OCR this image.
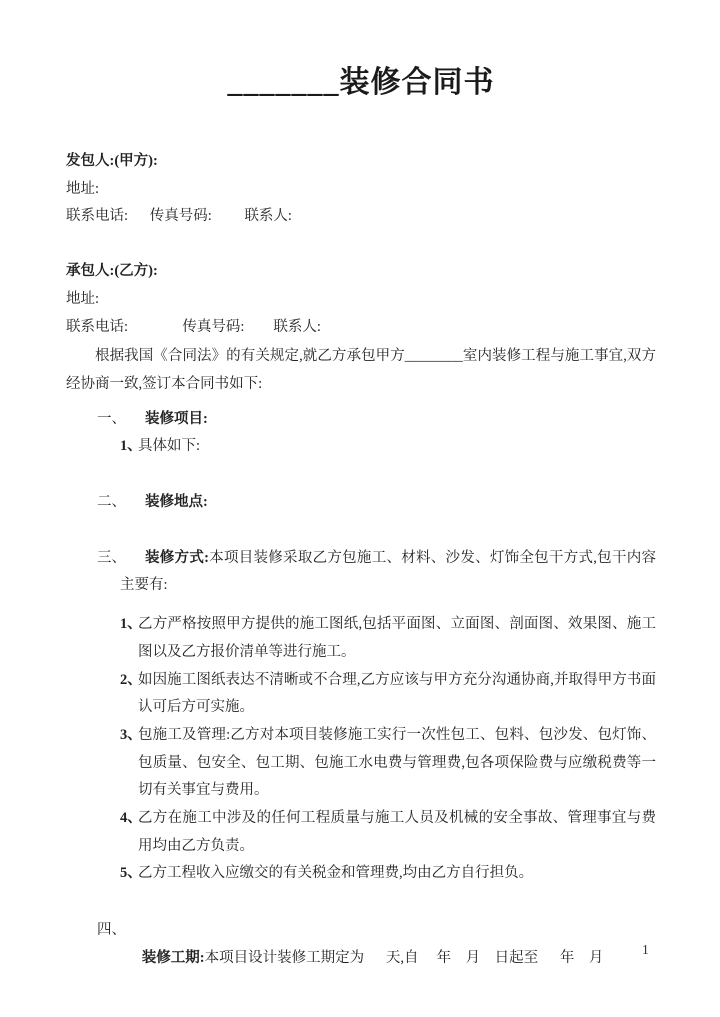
_______装修合同书

发包人:(甲方):

地址:

联系电话:      传真号码:         联系人:

承包人:(乙方):

地址:

联系电话:               传真号码:        联系人:

根据我国《合同法》的有关规定,就乙方承包甲方________室内装修工程与施工事宜,双方经协商一致,签订本合同书如下:

一、	装修项目:

1、

具体如下:

二、	装修地点:

三、	装修方式:本项目装修采取乙方包施工、材料、沙发、灯饰全包干方式,包干内容主要有:

1、

乙方严格按照甲方提供的施工图纸,包括平面图、立面图、剖面图、效果图、施工图以及乙方报价清单等进行施工。

2、

如因施工图纸表达不清晰或不合理,乙方应该与甲方充分沟通协商,并取得甲方书面认可后方可实施。

3、

包施工及管理:乙方对本项目装修施工实行一次性包工、包料、包沙发、包灯饰、包质量、包安全、包工期、包施工水电费与管理费,包各项保险费与应缴税费等一切有关事宜与费用。

4、

乙方在施工中涉及的任何工程质量与施工人员及机械的安全事故、管理事宜与费用均由乙方负责。

5、

乙方工程收入应缴交的有关税金和管理费,均由乙方自行担负。

四、

装修工期:本项目设计装修工期定为      天,自     年    月    日起至      年    月

1
